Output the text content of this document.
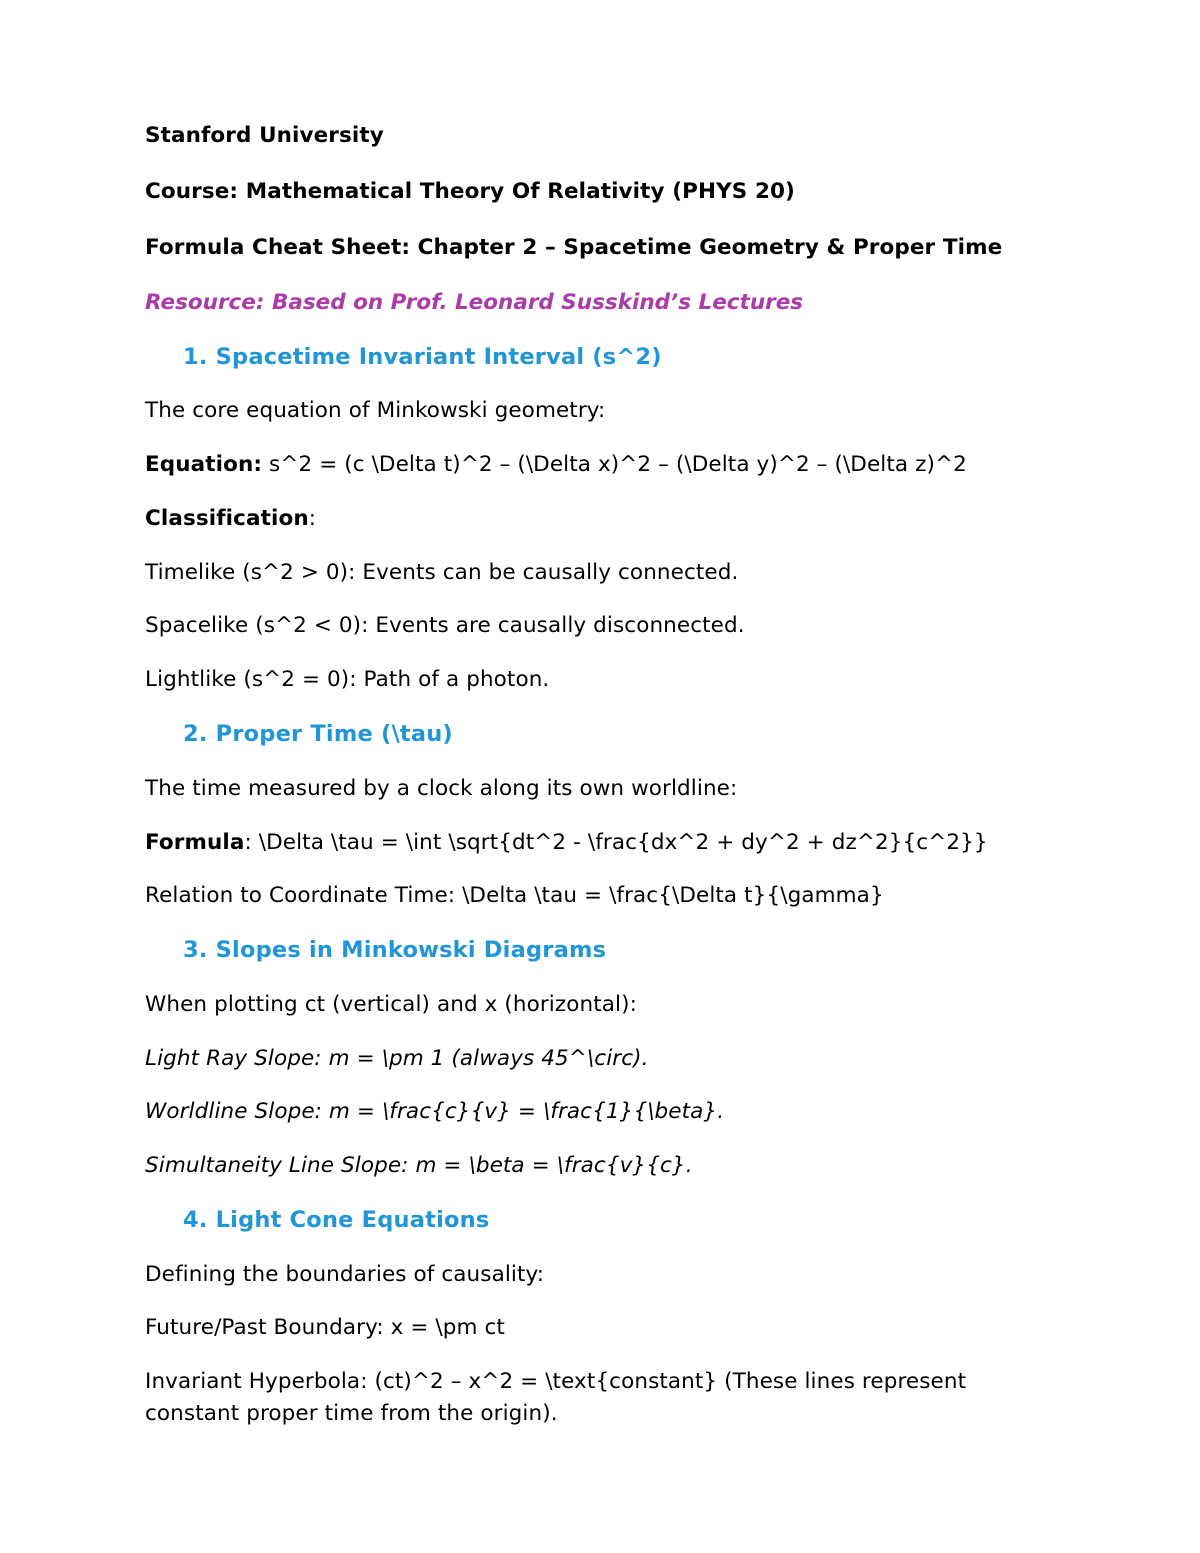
Stanford University

Course: Mathematical Theory Of Relativity (PHYS 20)

Formula Cheat Sheet: Chapter 2 – Spacetime Geometry & Proper Time

Resource: Based on Prof. Leonard Susskind’s Lectures

1. Spacetime Invariant Interval (s^2)

The core equation of Minkowski geometry:

Equation: s^2 = (c \Delta t)^2 – (\Delta x)^2 – (\Delta y)^2 – (\Delta z)^2

Classification:

Timelike (s^2 > 0): Events can be causally connected.

Spacelike (s^2 < 0): Events are causally disconnected.

Lightlike (s^2 = 0): Path of a photon.

2. Proper Time (\tau)

The time measured by a clock along its own worldline:

Formula: \Delta \tau = \int \sqrt{dt^2 - \frac{dx^2 + dy^2 + dz^2}{c^2}}

Relation to Coordinate Time: \Delta \tau = \frac{\Delta t}{\gamma}

3. Slopes in Minkowski Diagrams

When plotting ct (vertical) and x (horizontal):

Light Ray Slope: m = \pm 1 (always 45^\circ).

Worldline Slope: m = \frac{c}{v} = \frac{1}{\beta}.

Simultaneity Line Slope: m = \beta = \frac{v}{c}.

4. Light Cone Equations

Defining the boundaries of causality:

Future/Past Boundary: x = \pm ct

Invariant Hyperbola: (ct)^2 – x^2 = \text{constant} (These lines represent constant proper time from the origin).
